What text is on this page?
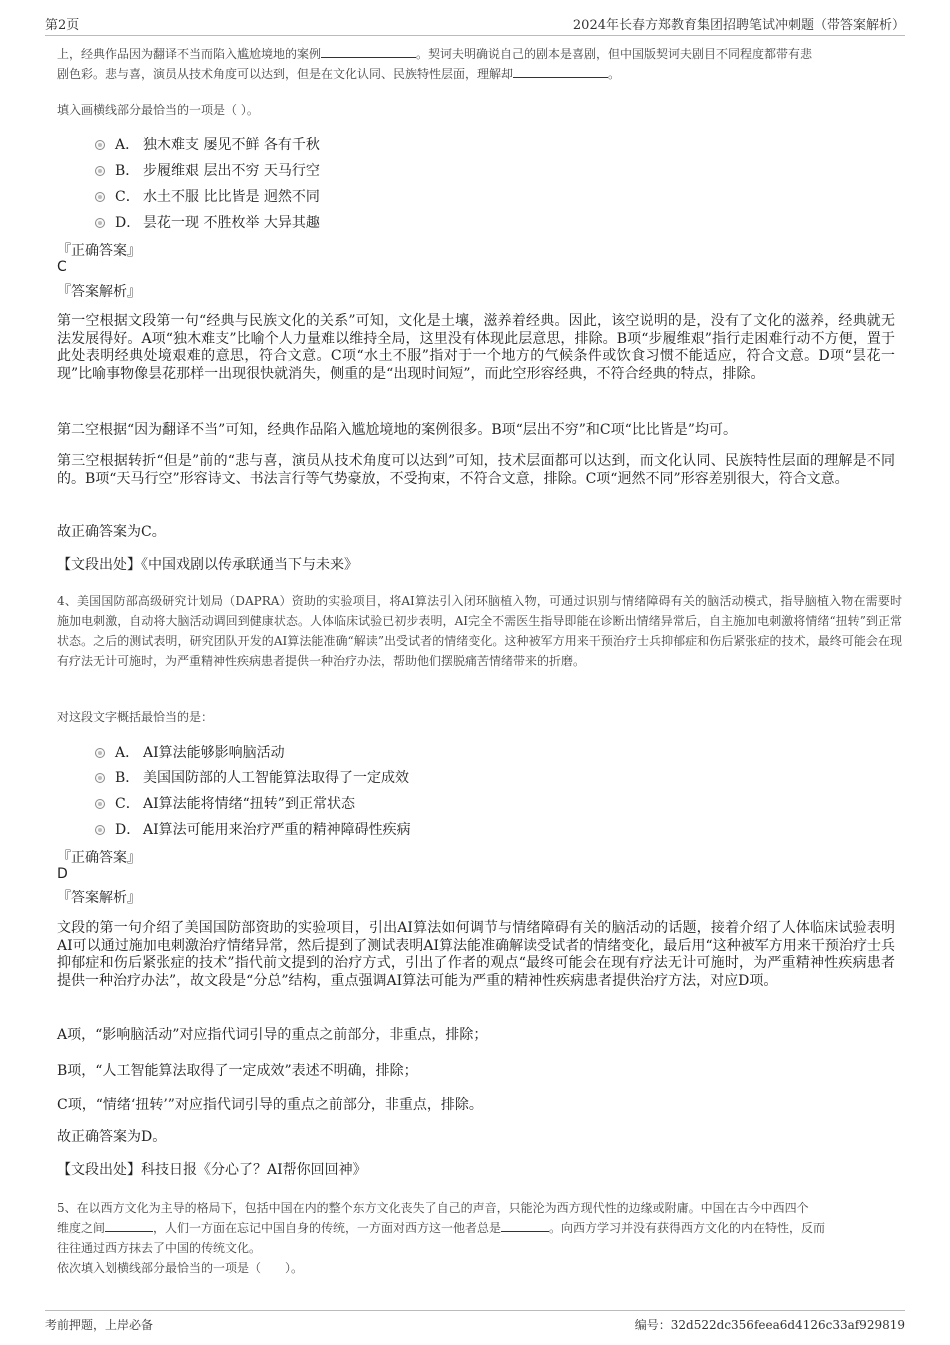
第2页	2024年长春方郑教育集团招聘笔试冲刺题（带答案解析）
上，经典作品因为翻译不当而陷入尴尬境地的案例	。契诃夫明确说自己的剧本是喜剧，但中国版契诃夫剧目不同程度都带有悲
剧色彩。悲与喜，演员从技术角度可以达到，但是在文化认同、民族特性层面，理解却	。
填入画横线部分最恰当的一项是（ ）。
A． 独木难支 屡见不鲜 各有千秋
B． 步履维艰 层出不穷 天马行空
C． 水土不服 比比皆是 迥然不同
D． 昙花一现 不胜枚举 大异其趣
『正确答案』
C
『答案解析』
第一空根据文段第一句“经典与民族文化的关系”可知，文化是土壤，滋养着经典。因此，该空说明的是，没有了文化的滋养，经典就无法发展得好。A项“独木难支”比喻个人力量难以维持全局，这里没有体现此层意思，排除。B项“步履维艰”指行走困难行动不方便，置于此处表明经典处境艰难的意思，符合文意。C项“水土不服”指对于一个地方的气候条件或饮食习惯不能适应，符合文意。D项“昙花一现”比喻事物像昙花那样一出现很快就消失，侧重的是“出现时间短”，而此空形容经典，不符合经典的特点，排除。
第二空根据“因为翻译不当”可知，经典作品陷入尴尬境地的案例很多。B项“层出不穷”和C项“比比皆是”均可。
第三空根据转折“但是”前的“悲与喜，演员从技术角度可以达到”可知，技术层面都可以达到，而文化认同、民族特性层面的理解是不同的。B项“天马行空”形容诗文、书法言行等气势豪放，不受拘束，不符合文意，排除。C项“迥然不同”形容差别很大，符合文意。
故正确答案为C。
【文段出处】《中国戏剧以传承联通当下与未来》
4、美国国防部高级研究计划局（DAPRA）资助的实验项目，将AI算法引入闭环脑植入物，可通过识别与情绪障碍有关的脑活动模式，指导脑植入物在需要时施加电刺激，自动将大脑活动调回到健康状态。人体临床试验已初步表明，AI完全不需医生指导即能在诊断出情绪异常后，自主施加电刺激将情绪“扭转”到正常状态。之后的测试表明，研究团队开发的AI算法能准确“解读”出受试者的情绪变化。这种被军方用来干预治疗士兵抑郁症和伤后紧张症的技术，最终可能会在现有疗法无计可施时，为严重精神性疾病患者提供一种治疗办法，帮助他们摆脱痛苦情绪带来的折磨。
对这段文字概括最恰当的是：
A． AI算法能够影响脑活动
B． 美国国防部的人工智能算法取得了一定成效
C． AI算法能将情绪“扭转”到正常状态
D． AI算法可能用来治疗严重的精神障碍性疾病
『正确答案』
D
『答案解析』
文段的第一句介绍了美国国防部资助的实验项目，引出AI算法如何调节与情绪障碍有关的脑活动的话题，接着介绍了人体临床试验表明AI可以通过施加电刺激治疗情绪异常，然后提到了测试表明AI算法能准确解读受试者的情绪变化，最后用“这种被军方用来干预治疗士兵抑郁症和伤后紧张症的技术”指代前文提到的治疗方式，引出了作者的观点“最终可能会在现有疗法无计可施时，为严重精神性疾病患者提供一种治疗办法”，故文段是“分总”结构，重点强调AI算法可能为严重的精神性疾病患者提供治疗方法，对应D项。
A项，“影响脑活动”对应指代词引导的重点之前部分，非重点，排除；
B项，“人工智能算法取得了一定成效”表述不明确，排除；
C项，“情绪‘扭转’”对应指代词引导的重点之前部分，非重点，排除。
故正确答案为D。
【文段出处】科技日报《分心了？AI帮你回回神》
5、在以西方文化为主导的格局下，包括中国在内的整个东方文化丧失了自己的声音，只能沦为西方现代性的边缘或附庸。中国在古今中西四个
维度之间	，人们一方面在忘记中国自身的传统，一方面对西方这一他者总是	。向西方学习并没有获得西方文化的内在特性，反而
往往通过西方抹去了中国的传统文化。
依次填入划横线部分最恰当的一项是（　　）。
考前押题，上岸必备	编号：32d522dc356feea6d4126c33af929819
